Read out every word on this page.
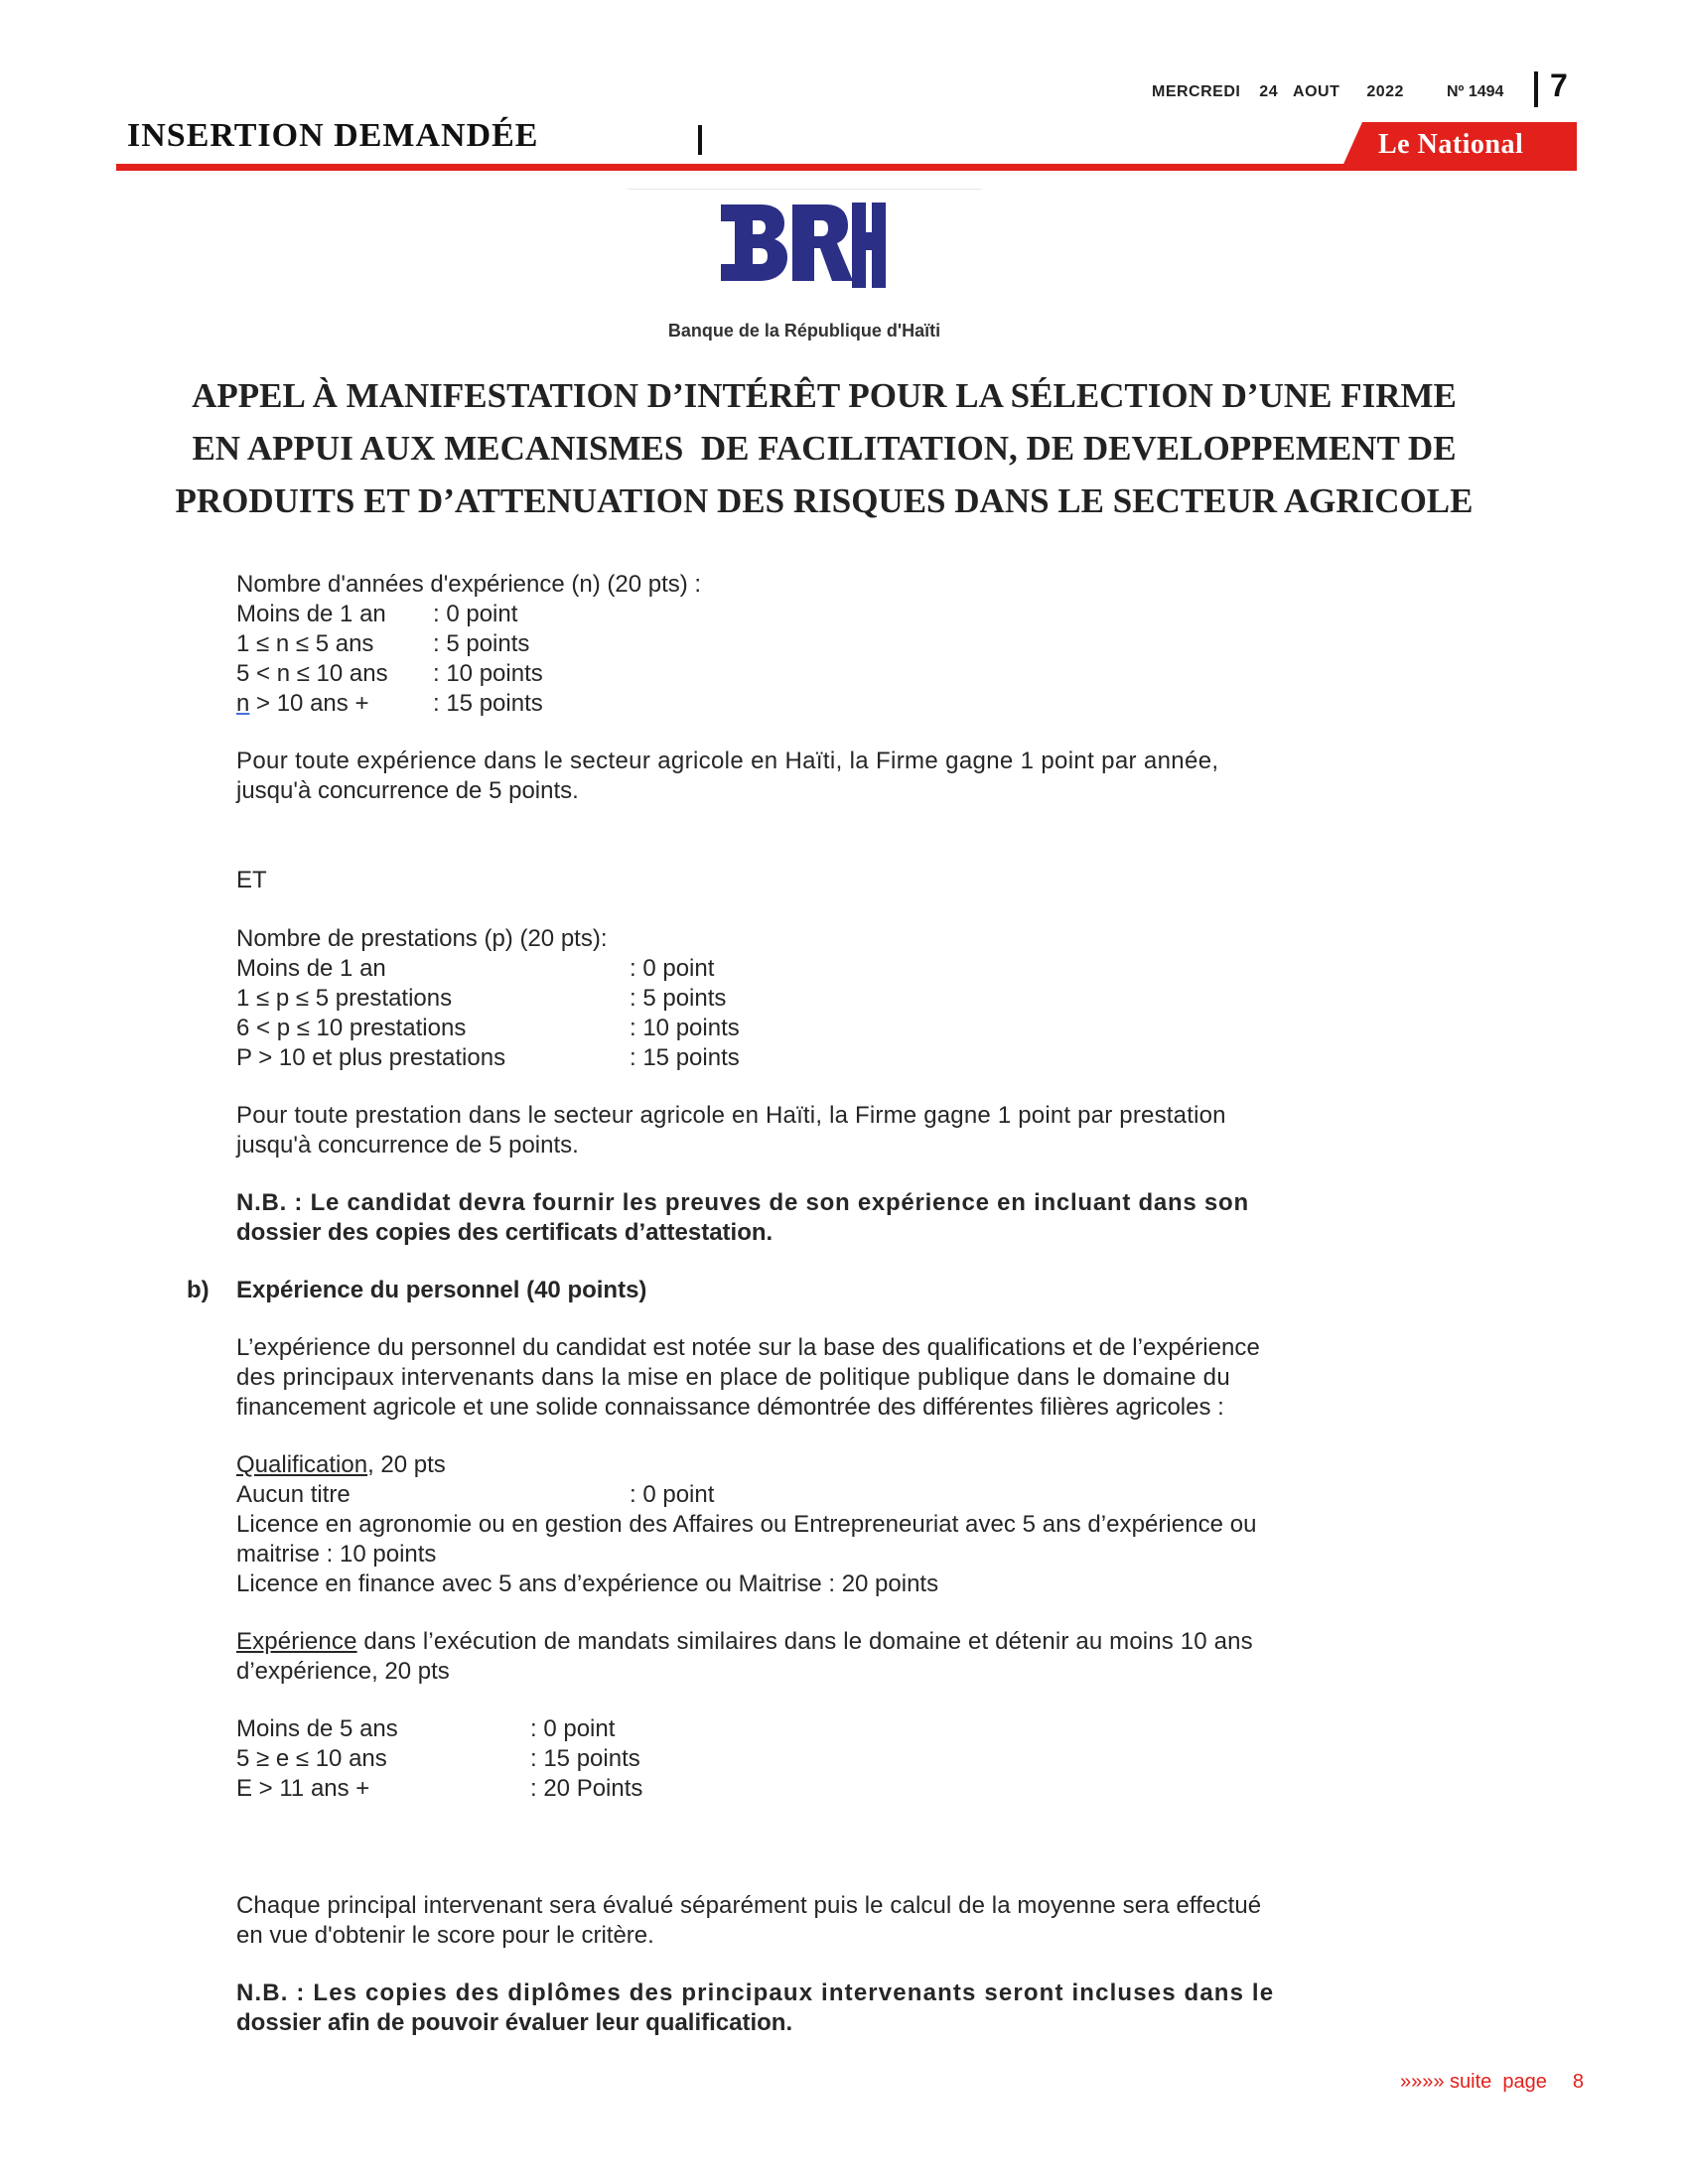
MERCREDI 24 AOUT 2022	Nº 1494 7
INSERTION DEMANDÉE	Le National
Banque de la République d'Haïti
APPEL À MANIFESTATION D’INTÉRÊT POUR LA SÉLECTION D’UNE FIRME
EN APPUI AUX MECANISMES  DE FACILITATION, DE DEVELOPPEMENT DE
PRODUITS ET D’ATTENUATION DES RISQUES DANS LE SECTEUR AGRICOLE
Nombre d'années d'expérience (n) (20 pts) :
Moins de 1 an	: 0 point
1 ≤ n ≤ 5 ans	: 5 points
5 < n ≤ 10 ans	: 10 points
n > 10 ans +	: 15 points
Pour toute expérience dans le secteur agricole en Haïti, la Firme gagne 1 point par année,
jusqu'à concurrence de 5 points.
ET
Nombre de prestations (p) (20 pts):
Moins de 1 an	: 0 point
1 ≤ p ≤ 5 prestations	: 5 points
6 < p ≤ 10 prestations	: 10 points
P > 10 et plus prestations	: 15 points
Pour toute prestation dans le secteur agricole en Haïti, la Firme gagne 1 point par prestation
jusqu'à concurrence de 5 points.
N.B. : Le candidat devra fournir les preuves de son expérience en incluant dans son
dossier des copies des certificats d’attestation.
b) Expérience du personnel (40 points)
L’expérience du personnel du candidat est notée sur la base des qualifications et de l’expérience
des principaux intervenants dans la mise en place de politique publique dans le domaine du
financement agricole et une solide connaissance démontrée des différentes filières agricoles :
Qualification, 20 pts
Aucun titre	: 0 point
Licence en agronomie ou en gestion des Affaires ou Entrepreneuriat avec 5 ans d’expérience ou
maitrise : 10 points
Licence en finance avec 5 ans d’expérience ou Maitrise : 20 points
Expérience dans l’exécution de mandats similaires dans le domaine et détenir au moins 10 ans
d’expérience, 20 pts
Moins de 5 ans	: 0 point
5 ≥ e ≤ 10 ans	: 15 points
E > 11 ans +	: 20 Points
Chaque principal intervenant sera évalué séparément puis le calcul de la moyenne sera effectué
en vue d'obtenir le score pour le critère.
N.B. : Les copies des diplômes des principaux intervenants seront incluses dans le
dossier afin de pouvoir évaluer leur qualification.
»»»» suite  page 8
